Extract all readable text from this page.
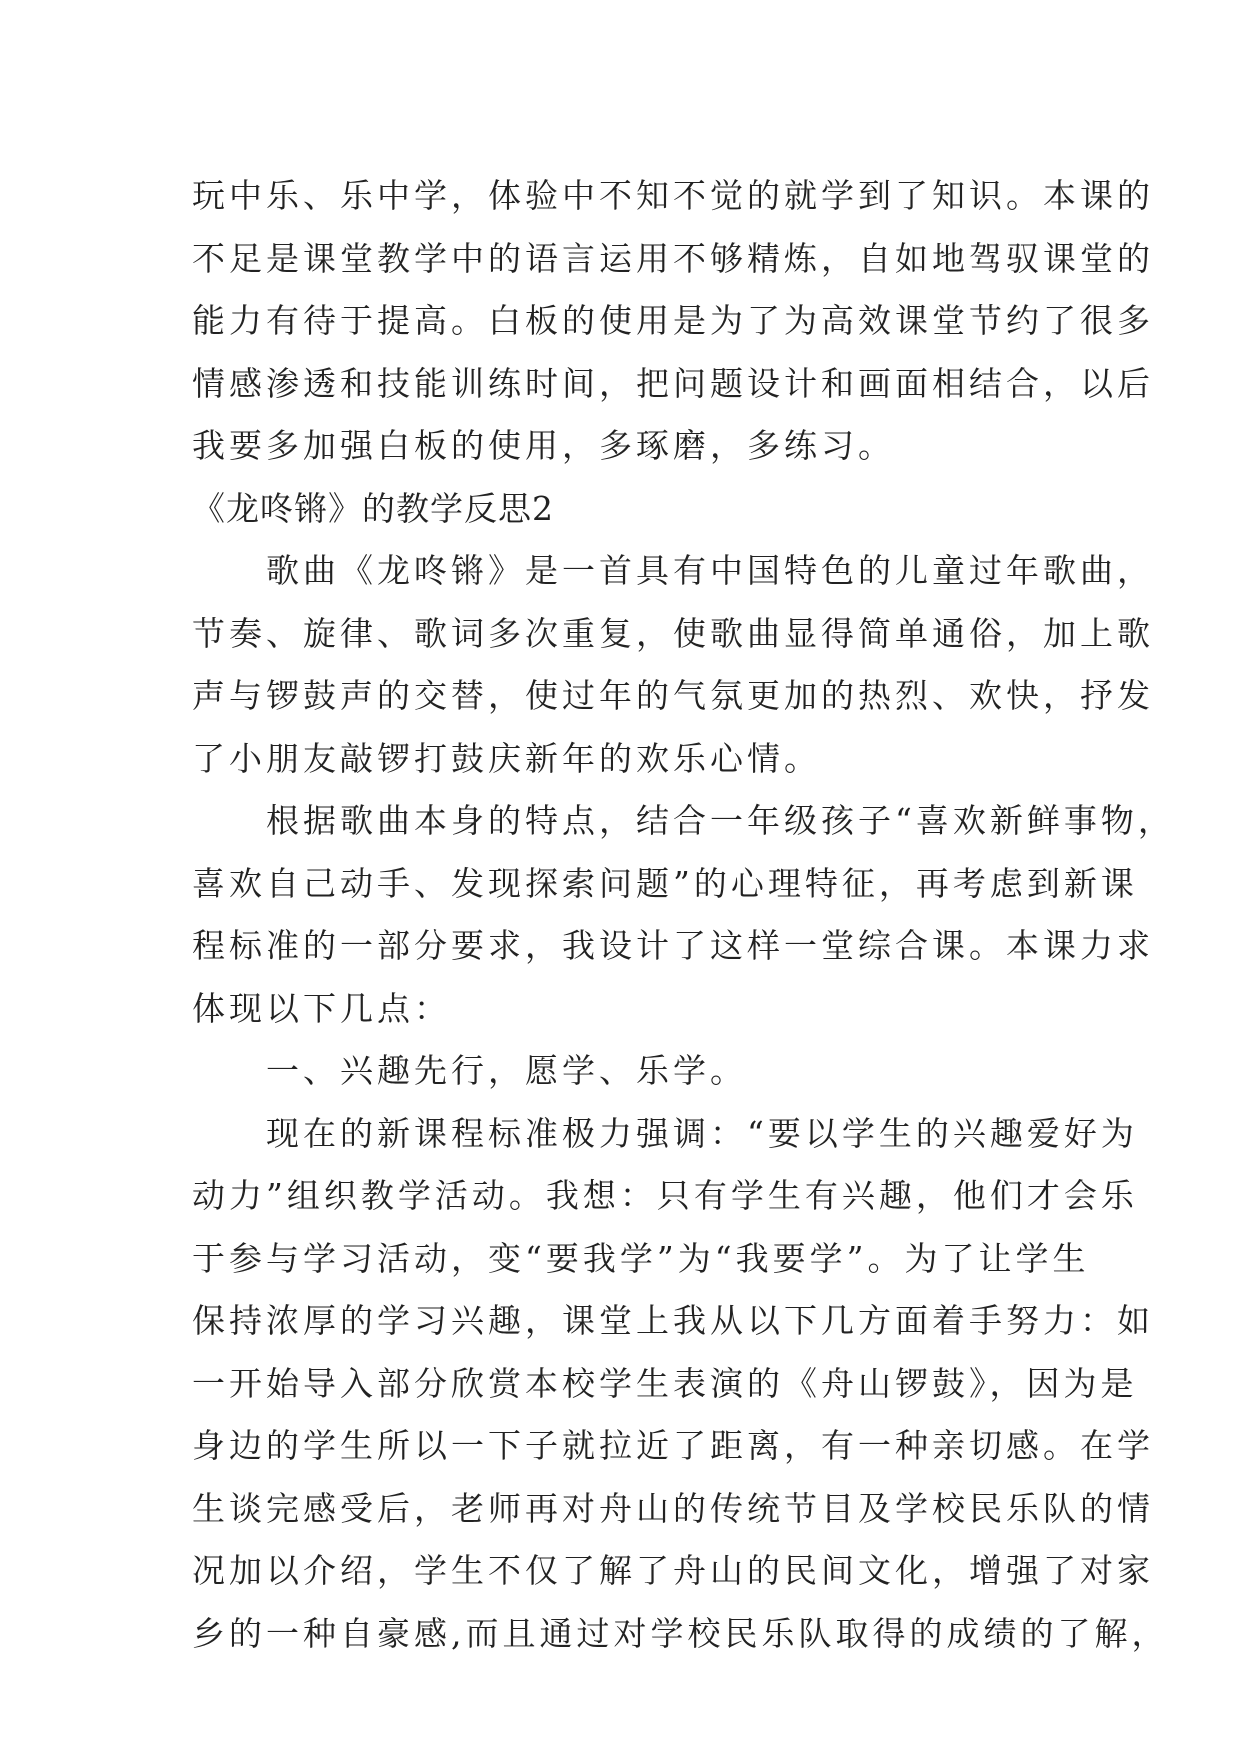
玩中乐、乐中学，体验中不知不觉的就学到了知识。本课的
不足是课堂教学中的语言运用不够精炼，自如地驾驭课堂的
能力有待于提高。白板的使用是为了为高效课堂节约了很多
情感渗透和技能训练时间，把问题设计和画面相结合，以后
我要多加强白板的使用，多琢磨，多练习。
《龙咚锵》的教学反思2
　　歌曲《龙咚锵》是一首具有中国特色的儿童过年歌曲，
节奏、旋律、歌词多次重复，使歌曲显得简单通俗，加上歌
声与锣鼓声的交替，使过年的气氛更加的热烈、欢快，抒发
了小朋友敲锣打鼓庆新年的欢乐心情。
　　根据歌曲本身的特点，结合一年级孩子“喜欢新鲜事物，
喜欢自己动手、发现探索问题”的心理特征，再考虑到新课
程标准的一部分要求，我设计了这样一堂综合课。本课力求
体现以下几点：
　　一、兴趣先行，愿学、乐学。
　　现在的新课程标准极力强调：“要以学生的兴趣爱好为
动力”组织教学活动。我想：只有学生有兴趣，他们才会乐
于参与学习活动，变“要我学”为“我要学”。为了让学生
保持浓厚的学习兴趣，课堂上我从以下几方面着手努力：如
一开始导入部分欣赏本校学生表演的《舟山锣鼓》，因为是
身边的学生所以一下子就拉近了距离，有一种亲切感。在学
生谈完感受后，老师再对舟山的传统节目及学校民乐队的情
况加以介绍，学生不仅了解了舟山的民间文化，增强了对家
乡的一种自豪感,而且通过对学校民乐队取得的成绩的了解，
